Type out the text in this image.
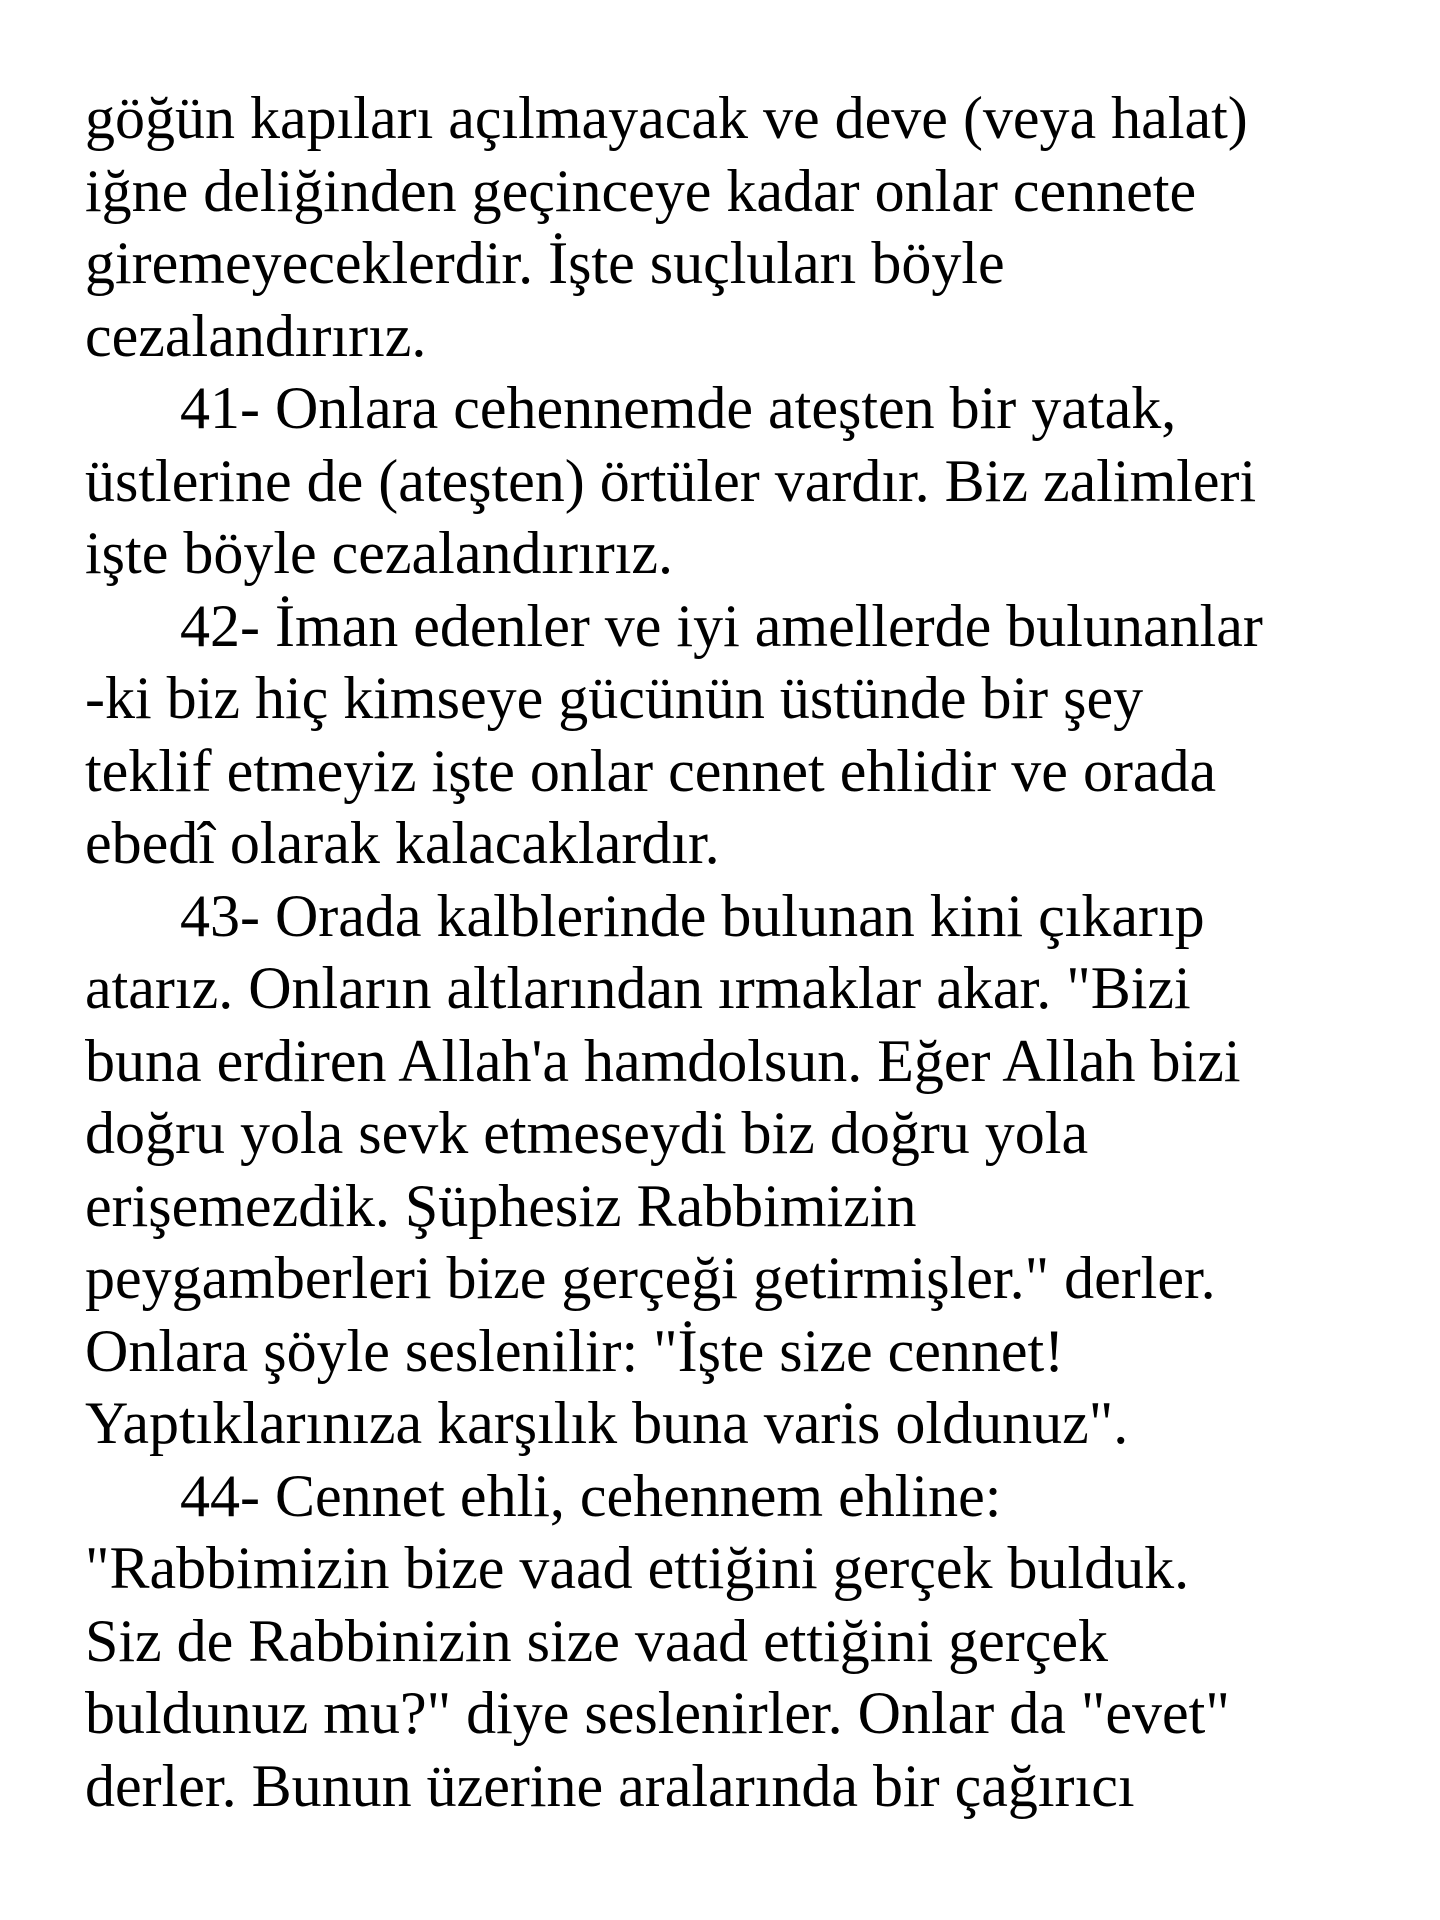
göğün kapıları açılmayacak ve deve (veya halat)
iğne deliğinden geçinceye kadar onlar cennete
giremeyeceklerdir. İşte suçluları böyle
cezalandırırız.
41- Onlara cehennemde ateşten bir yatak,
üstlerine de (ateşten) örtüler vardır. Biz zalimleri
işte böyle cezalandırırız.
42- İman edenler ve iyi amellerde bulunanlar
-ki biz hiç kimseye gücünün üstünde bir şey
teklif etmeyiz işte onlar cennet ehlidir ve orada
ebedî olarak kalacaklardır.
43- Orada kalblerinde bulunan kini çıkarıp
atarız. Onların altlarından ırmaklar akar. "Bizi
buna erdiren Allah'a hamdolsun. Eğer Allah bizi
doğru yola sevk etmeseydi biz doğru yola
erişemezdik. Şüphesiz Rabbimizin
peygamberleri bize gerçeği getirmişler." derler.
Onlara şöyle seslenilir: "İşte size cennet!
Yaptıklarınıza karşılık buna varis oldunuz".
44- Cennet ehli, cehennem ehline:
"Rabbimizin bize vaad ettiğini gerçek bulduk.
Siz de Rabbinizin size vaad ettiğini gerçek
buldunuz mu?" diye seslenirler. Onlar da "evet"
derler. Bunun üzerine aralarında bir çağırıcı
